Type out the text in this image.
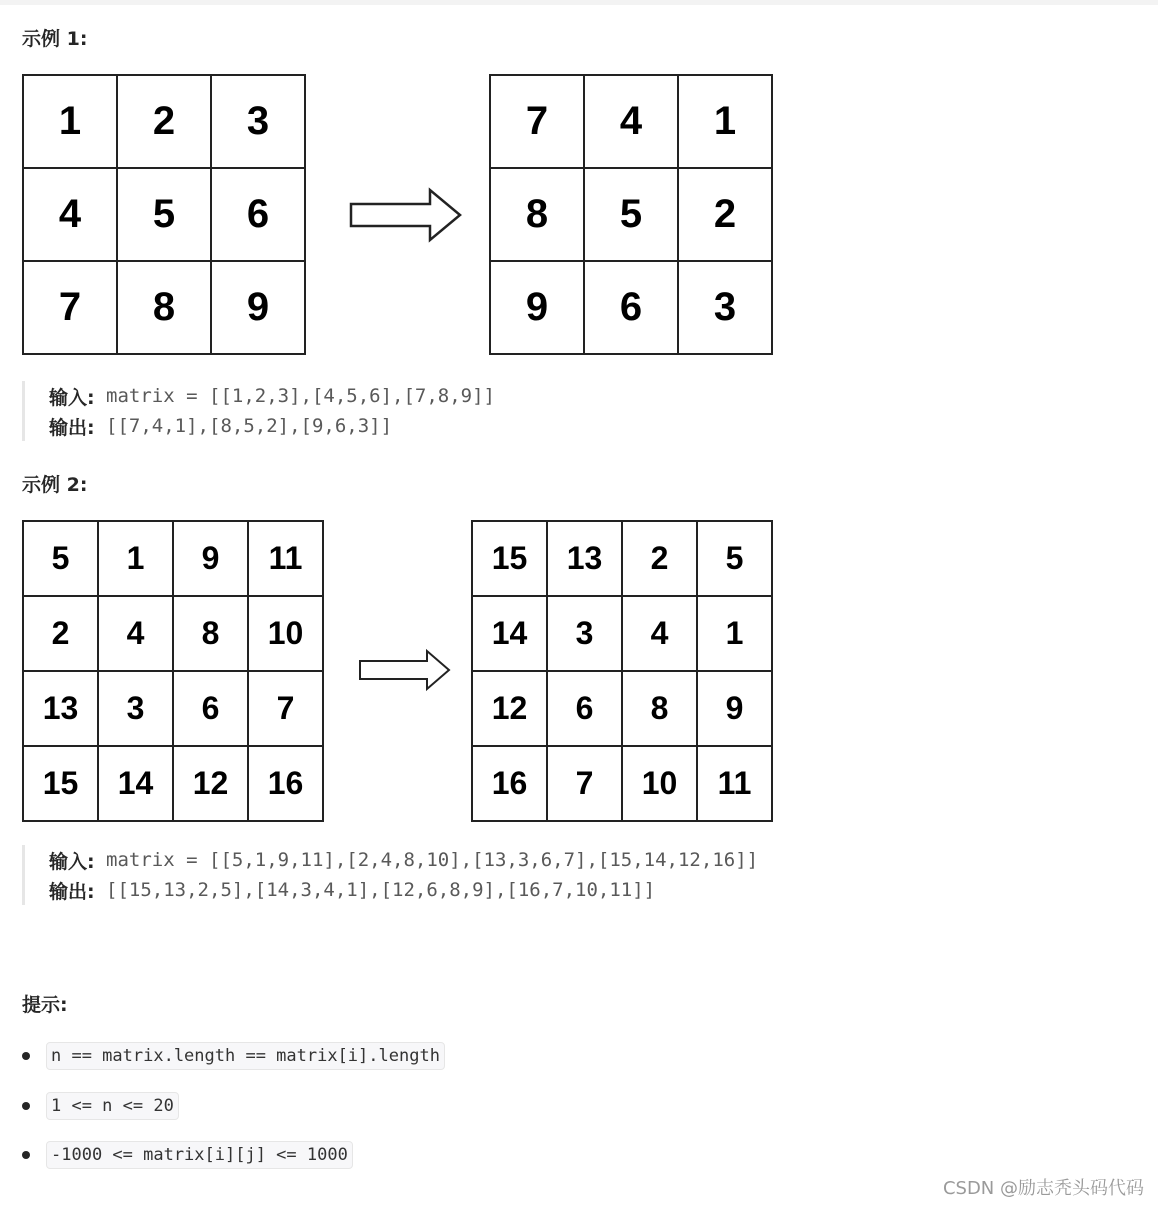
示例 1:
1	2	3
4	5	6
7	8	9
7	4	1
8	5	2
9	6	3
输入: matrix = [[1,2,3],[4,5,6],[7,8,9]]
输出: [[7,4,1],[8,5,2],[9,6,3]]
示例 2:
5	1	9	11
2	4	8	10
13	3	6	7
15	14	12	16
15	13	2	5
14	3	4	1
12	6	8	9
16	7	10	11
输入: matrix = [[5,1,9,11],[2,4,8,10],[13,3,6,7],[15,14,12,16]]
输出: [[15,13,2,5],[14,3,4,1],[12,6,8,9],[16,7,10,11]]
提示:
n == matrix.length == matrix[i].length
1 <= n <= 20
-1000 <= matrix[i][j] <= 1000
CSDN @励志秃头码代码
